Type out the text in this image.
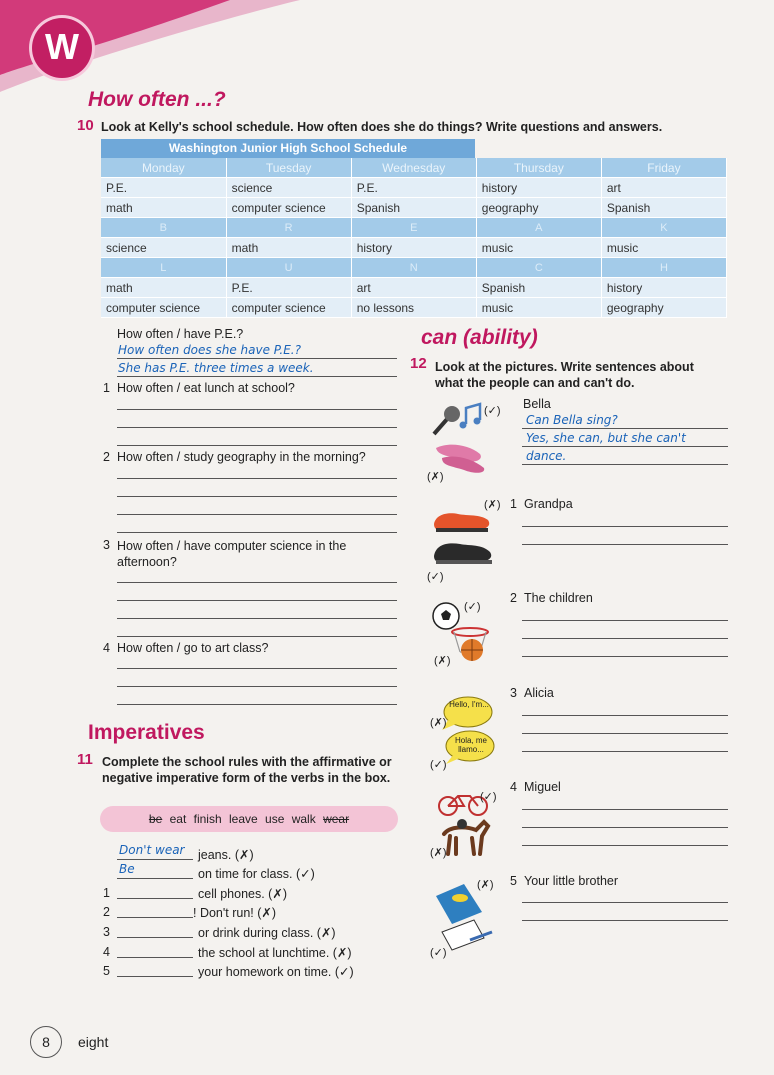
W
How often ...?
10 Look at Kelly's school schedule. How often does she do things? Write questions and answers.
Washington Junior High School Schedule
Monday	Tuesday	Wednesday	Thursday	Friday
P.E.	science	P.E.	history	art
math	computer science	Spanish	geography	Spanish
B	R	E	A	K
science	math	history	music	music
L	U	N	C	H
math	P.E.	art	Spanish	history
computer science	computer science	no lessons	music	geography
How often / have P.E.?
How often does she have P.E.?
She has P.E. three times a week.
1 How often / eat lunch at school?
2 How often / study geography in the morning?
3 How often / have computer science in the afternoon?
4 How often / go to art class?
Imperatives
11 Complete the school rules with the affirmative or negative imperative form of the verbs in the box.
be eat finish leave use walk wear
Don't wear jeans. (✗)
Be	on time for class. (✓)
1	cell phones. (✗)
2	! Don't run! (✗)
3	or drink during class. (✗)
4	the school at lunchtime. (✗)
5	your homework on time. (✓)
can (ability)
12 Look at the pictures. Write sentences about what the people can and can't do.
(✓)
(✗)
Bella
Can Bella sing?
Yes, she can, but she can't
dance.
(✗)
(✓)
1 Grandpa
(✓)
(✗)
2 The children
Hello, I'm...
Hola, me llamo...
(✗)
(✓)
3 Alicia
(✓)
(✗)
4 Miguel
(✗)
(✓)
5 Your little brother
8	eight
